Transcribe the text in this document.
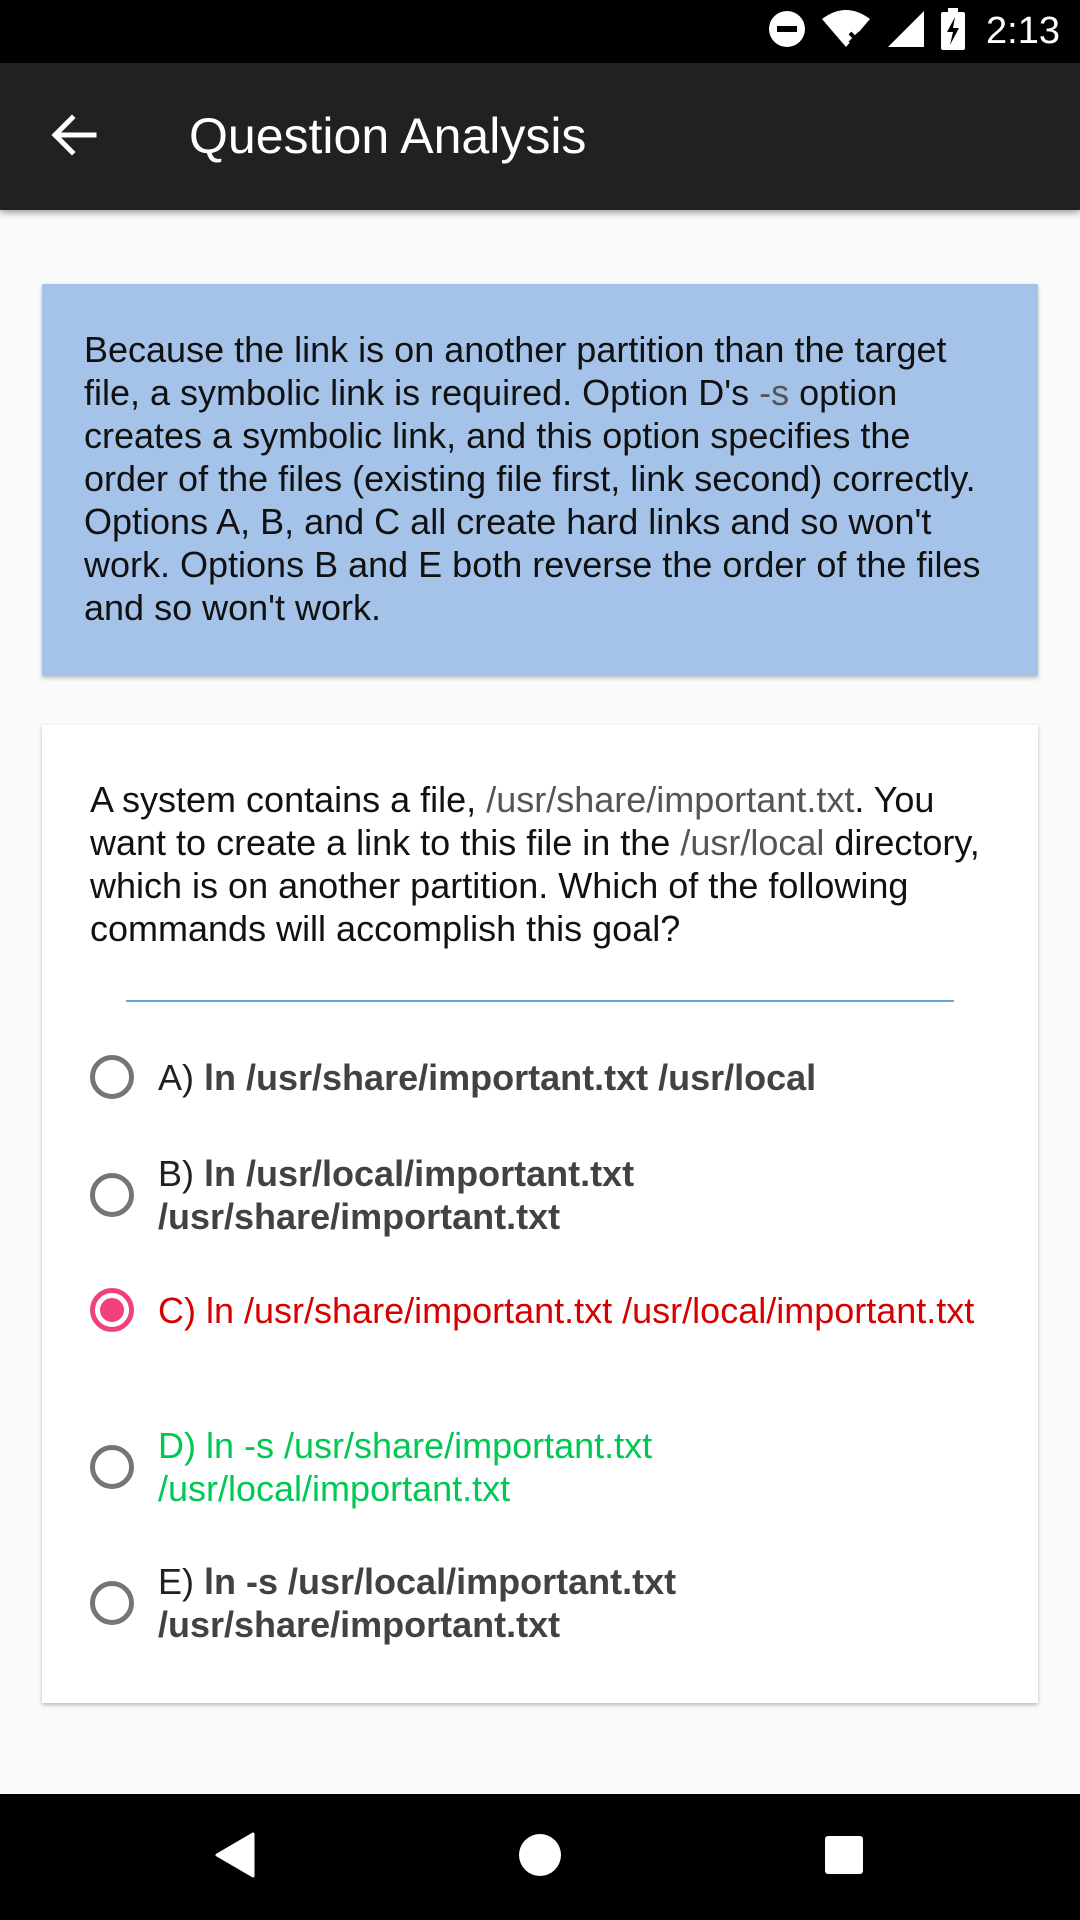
2:13
Question Analysis
Because the link is on another partition than the target file, a symbolic link is required. Option D's -s option creates a symbolic link, and this option specifies the order of the files (existing file first, link second) correctly. Options A, B, and C all create hard links and so won't work. Options B and E both reverse the order of the files and so won't work.
A system contains a file, /usr/share/important.txt. You want to create a link to this file in the /usr/local directory, which is on another partition. Which of the following commands will accomplish this goal?
A) ln /usr/share/important.txt /usr/local
B) ln /usr/local/important.txt /usr/share/important.txt
C) ln /usr/share/important.txt /usr/local/important.txt
D) ln -s /usr/share/important.txt /usr/local/important.txt
E) ln -s /usr/local/important.txt /usr/share/important.txt
